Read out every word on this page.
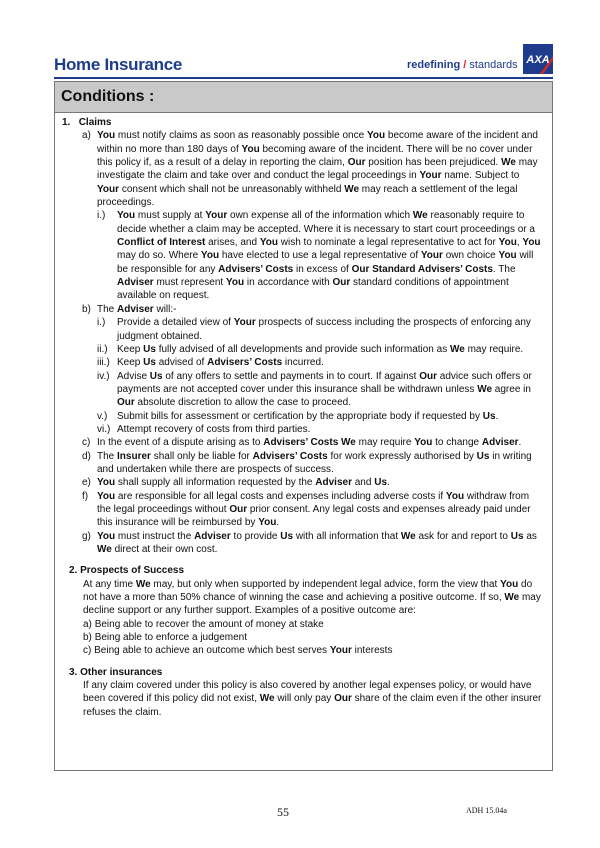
Home Insurance	redefining / standards AXA
Conditions :
1. Claims
a) You must notify claims as soon as reasonably possible once You become aware of the incident and within no more than 180 days of You becoming aware of the incident. There will be no cover under this policy if, as a result of a delay in reporting the claim, Our position has been prejudiced. We may investigate the claim and take over and conduct the legal proceedings in Your name. Subject to Your consent which shall not be unreasonably withheld We may reach a settlement of the legal proceedings.

i.) You must supply at Your own expense all of the information which We reasonably require to decide whether a claim may be accepted. Where it is necessary to start court proceedings or a Conflict of Interest arises, and You wish to nominate a legal representative to act for You, You may do so. Where You have elected to use a legal representative of Your own choice You will be responsible for any Advisers’ Costs in excess of Our Standard Advisers’ Costs. The Adviser must represent You in accordance with Our standard conditions of appointment available on request.

b) The Adviser will:-

i.) Provide a detailed view of Your prospects of success including the prospects of enforcing any judgment obtained.

ii.) Keep Us fully advised of all developments and provide such information as We may require.

iii.) Keep Us advised of Advisers’ Costs incurred.

iv.) Advise Us of any offers to settle and payments in to court. If against Our advice such offers or payments are not accepted cover under this insurance shall be withdrawn unless We agree in Our absolute discretion to allow the case to proceed.

v.) Submit bills for assessment or certification by the appropriate body if requested by Us.

vi.) Attempt recovery of costs from third parties.

c) In the event of a dispute arising as to Advisers’ Costs We may require You to change Adviser.

d) The Insurer shall only be liable for Advisers’ Costs for work expressly authorised by Us in writing and undertaken while there are prospects of success.

e) You shall supply all information requested by the Adviser and Us.

f) You are responsible for all legal costs and expenses including adverse costs if You withdraw from the legal proceedings without Our prior consent. Any legal costs and expenses already paid under this insurance will be reimbursed by You.

g) You must instruct the Adviser to provide Us with all information that We ask for and report to Us as We direct at their own cost.

2. Prospects of Success

At any time We may, but only when supported by independent legal advice, form the view that You do not have a more than 50% chance of winning the case and achieving a positive outcome. If so, We may decline support or any further support. Examples of a positive outcome are:

a) Being able to recover the amount of money at stake

b) Being able to enforce a judgement

c) Being able to achieve an outcome which best serves Your interests

3. Other insurances

If any claim covered under this policy is also covered by another legal expenses policy, or would have been covered if this policy did not exist, We will only pay Our share of the claim even if the other insurer refuses the claim.

55	ADH 15.04a
